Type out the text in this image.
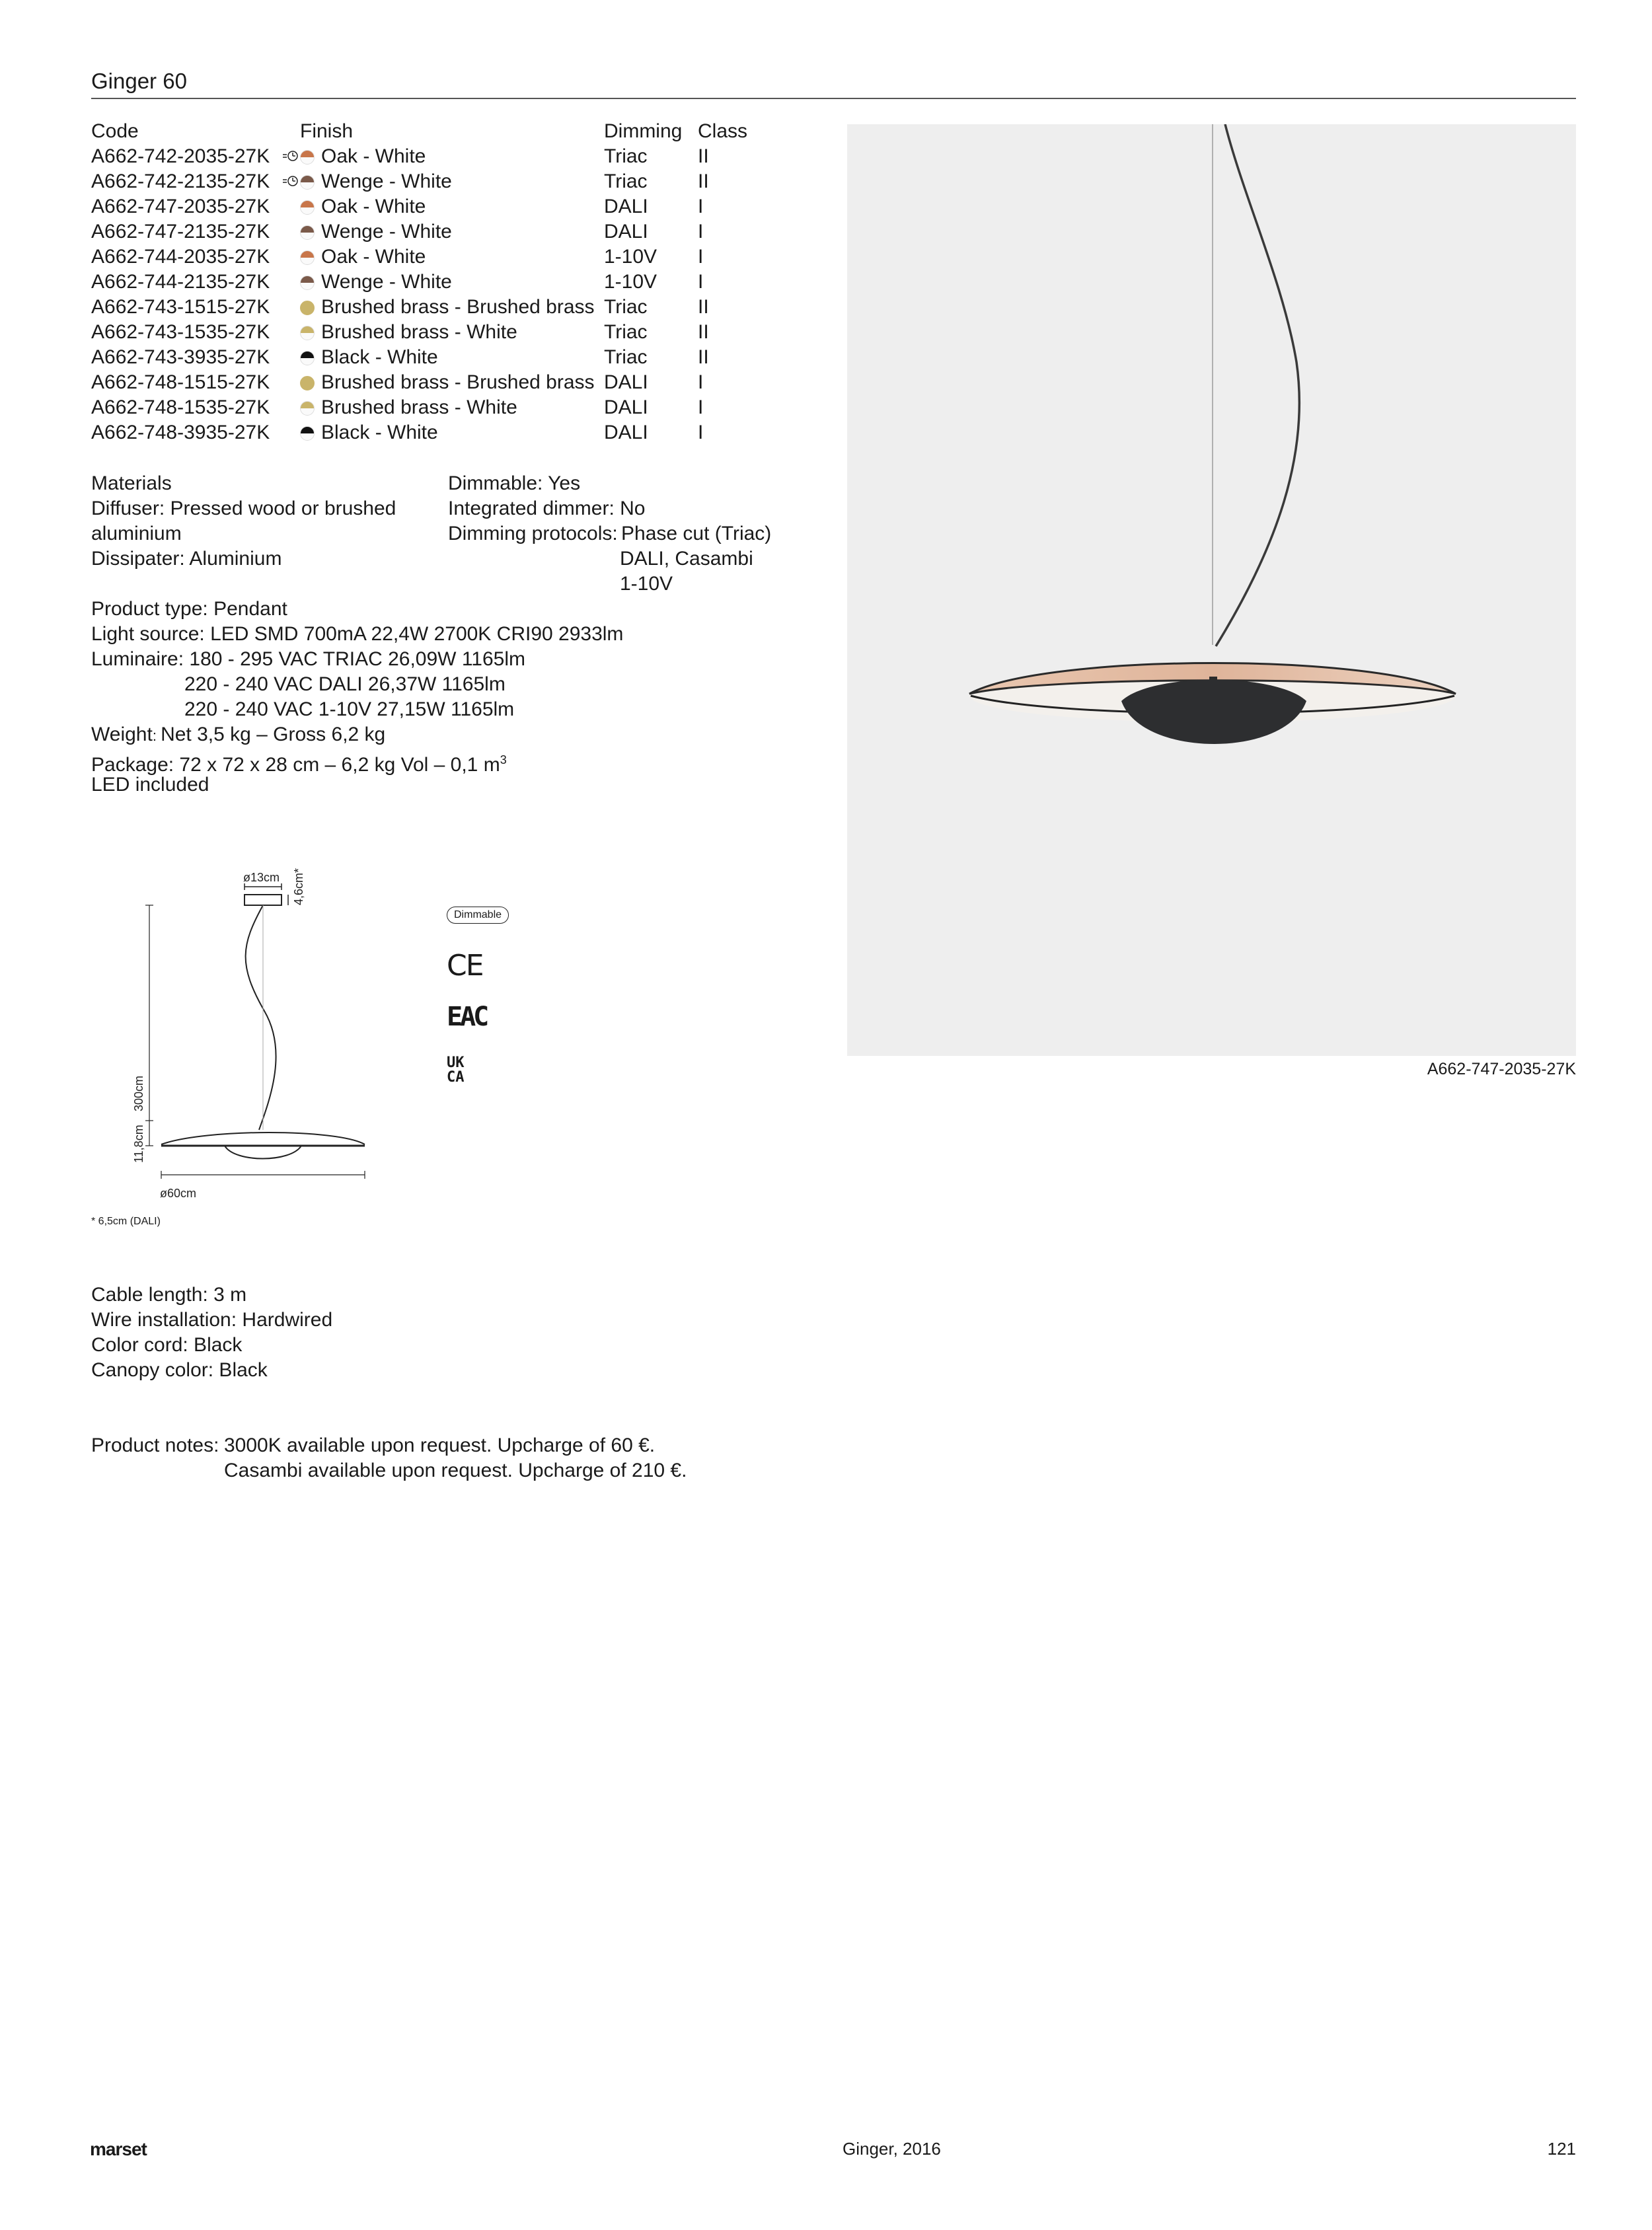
Ginger 60
Code		Finish	Dimming	Class
A662-742-2035-27K		Oak - White	Triac	II
A662-742-2135-27K		Wenge - White	Triac	II
A662-747-2035-27K		Oak - White	DALI	I
A662-747-2135-27K		Wenge - White	DALI	I
A662-744-2035-27K		Oak - White	1-10V	I
A662-744-2135-27K		Wenge - White	1-10V	I
A662-743-1515-27K		Brushed brass - Brushed brass	Triac	II
A662-743-1535-27K		Brushed brass - White	Triac	II
A662-743-3935-27K		Black - White	Triac	II
A662-748-1515-27K		Brushed brass - Brushed brass	DALI	I
A662-748-1535-27K		Brushed brass - White	DALI	I
A662-748-3935-27K		Black - White	DALI	I
Materials
Diffuser: Pressed wood or brushed
aluminium
Dissipater: Aluminium
Dimmable: Yes
Integrated dimmer: No
Dimming protocols: Phase cut (Triac)
DALI, Casambi
1-10V
Product type: Pendant
Light source: LED SMD 700mA 22,4W 2700K CRI90 2933lm
Luminaire: 180 - 295 VAC TRIAC 26,09W 1165lm
220 - 240 VAC DALI 26,37W 1165lm
220 - 240 VAC 1-10V 27,15W 1165lm
Weight: Net 3,5 kg – Gross 6,2 kg
Package: 72 x 72 x 28 cm – 6,2 kg Vol – 0,1 $m^3$
LED included
ø13cm 4,6cm*
300cm
11,8cm
ø60cm
* 6,5cm (DALI)
Dimmable
CE
EAC
UK
CA
Cable length: 3 m
Wire installation: Hardwired
Color cord: Black
Canopy color: Black
Product notes: 3000K available upon request. Upcharge of 60 €.
Casambi available upon request. Upcharge of 210 €.
A662-747-2035-27K
marset	Ginger, 2016	121
